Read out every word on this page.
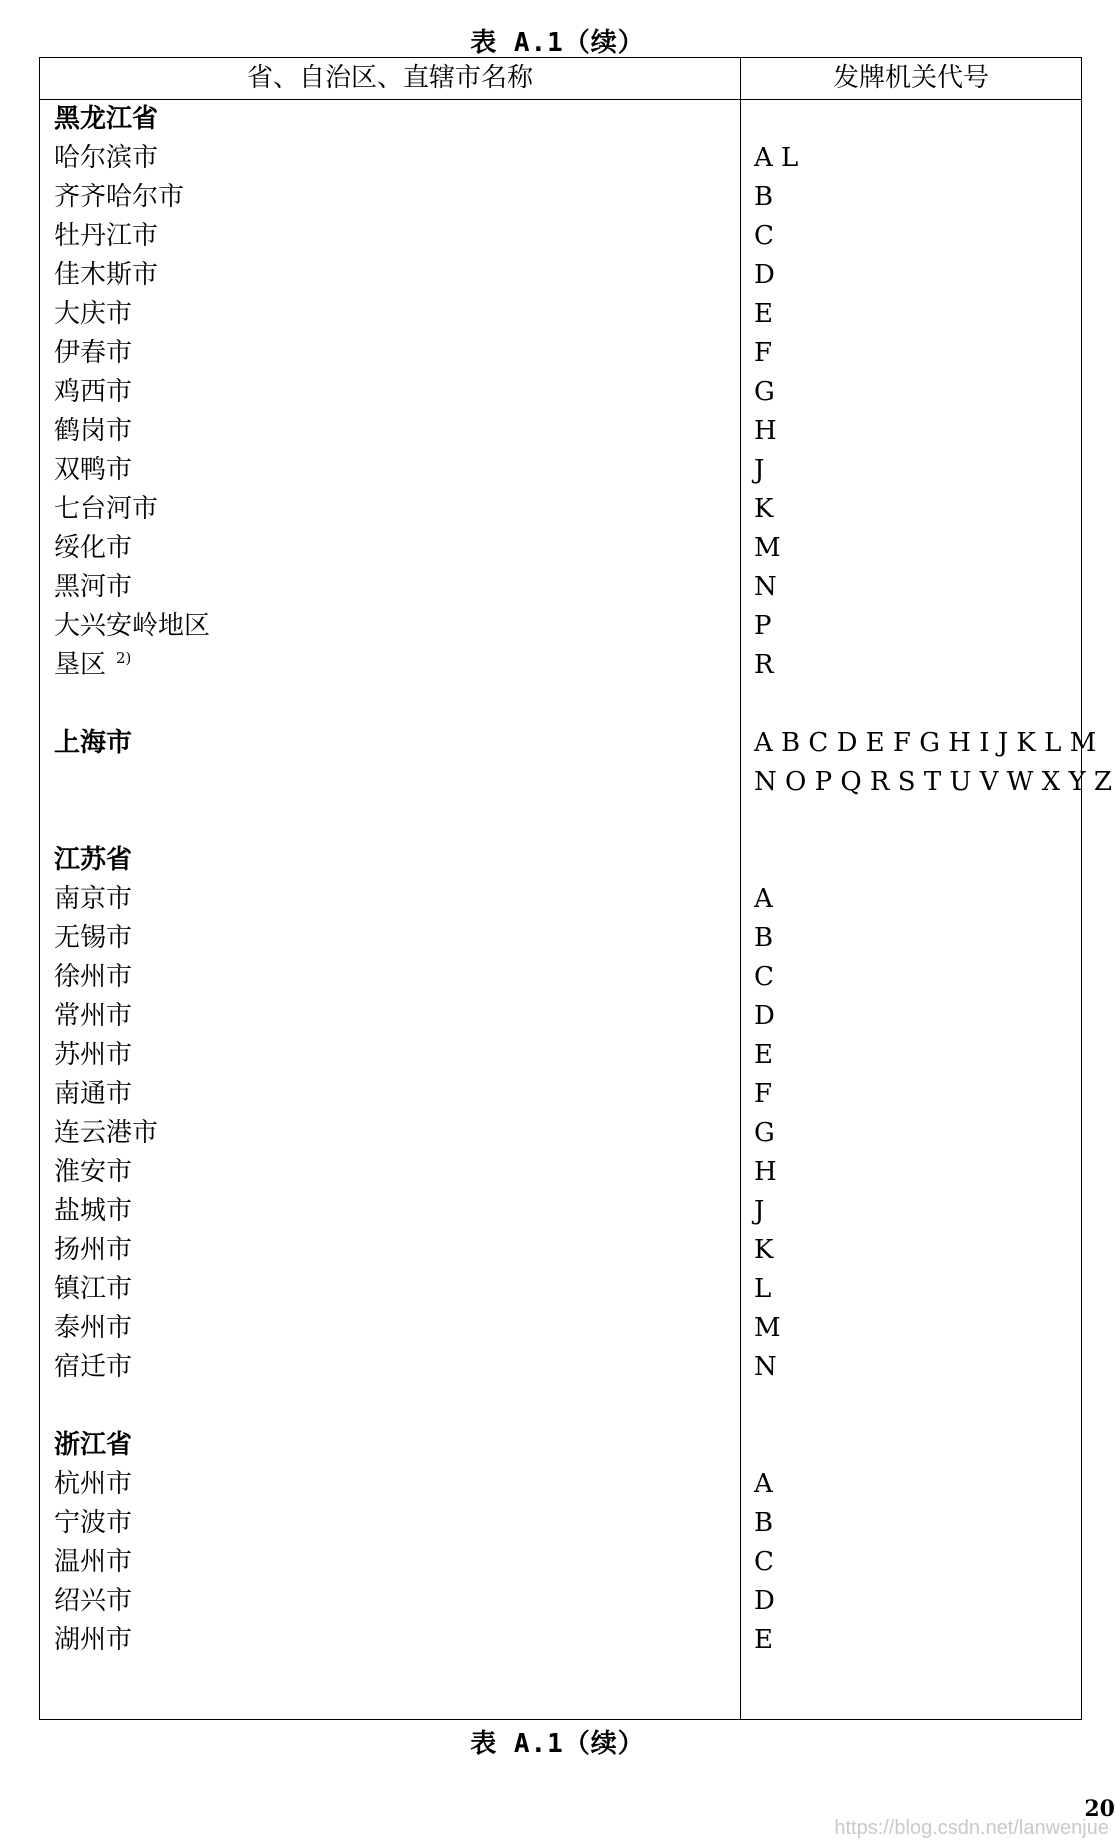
表 A.1（续）
省、自治区、直辖市名称	发牌机关代号
黑龙江省
哈尔滨市	A L
齐齐哈尔市	B
牡丹江市	C
佳木斯市	D
大庆市	E
伊春市	F
鸡西市	G
鹤岗市	H
双鸭市	J
七台河市	K
绥化市	M
黑河市	N
大兴安岭地区	P
垦区 $^{2)}$	R
上海市	A B C D E F G H I J K L M
N O P Q R S T U V W X Y Z
江苏省
南京市	A
无锡市	B
徐州市	C
常州市	D
苏州市	E
南通市	F
连云港市	G
淮安市	H
盐城市	J
扬州市	K
镇江市	L
泰州市	M
宿迁市	N
浙江省
杭州市	A
宁波市	B
温州市	C
绍兴市	D
湖州市	E
表 A.1（续）
20
https://blog.csdn.net/lanwenjue
